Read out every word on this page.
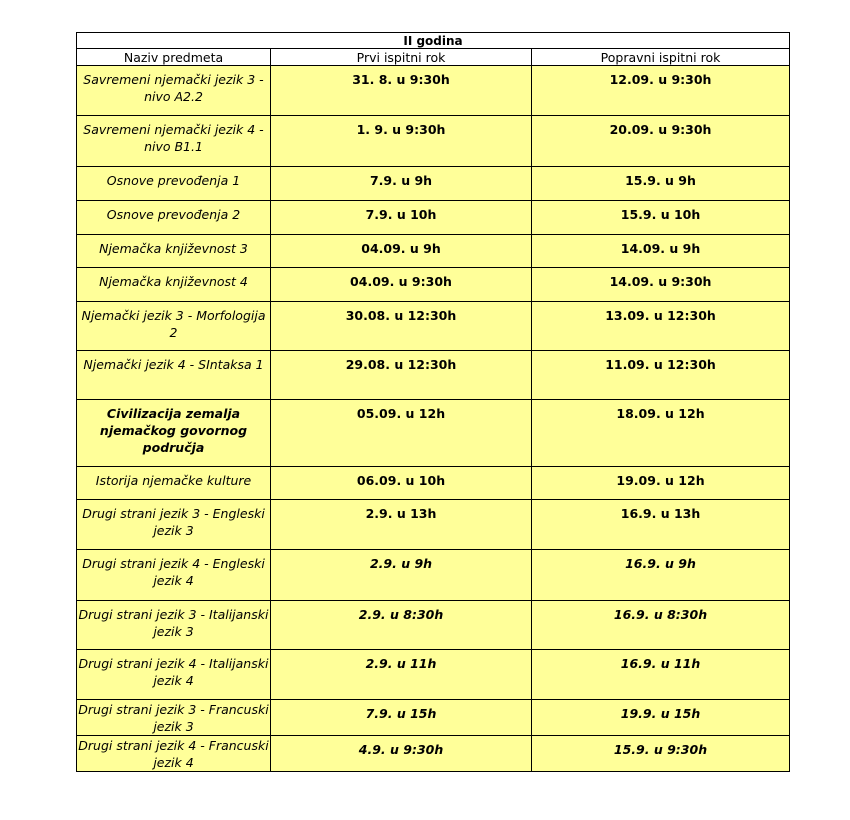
II godina		
Naziv predmeta	Prvi ispitni rok	Popravni ispitni rok
Savremeni njemački jezik 3 - nivo A2.2	31. 8. u 9:30h	12.09. u 9:30h
Savremeni njemački jezik 4 - nivo B1.1	1. 9. u 9:30h	20.09. u 9:30h
Osnove prevođenja 1	7.9. u 9h	15.9. u 9h
Osnove prevođenja 2	7.9. u 10h	15.9. u 10h
Njemačka književnost 3	04.09. u 9h	14.09. u 9h
Njemačka književnost 4	04.09. u 9:30h	14.09. u 9:30h
Njemački jezik 3 - Morfologija 2	30.08. u 12:30h	13.09. u 12:30h
Njemački jezik 4 - SIntaksa 1	29.08. u 12:30h	11.09. u 12:30h
Civilizacija zemalja njemačkog govornog područja	05.09. u 12h	18.09. u 12h
Istorija njemačke kulture	06.09. u 10h	19.09. u 12h
Drugi strani jezik 3 - Engleski jezik 3	2.9. u 13h	16.9. u 13h
Drugi strani jezik 4 - Engleski jezik 4	2.9. u 9h	16.9. u 9h
Drugi strani jezik 3 - Italijanski jezik 3	2.9. u 8:30h	16.9. u 8:30h
Drugi strani jezik 4 - Italijanski jezik 4	2.9. u 11h	16.9. u 11h
Drugi strani jezik 3 - Francuski jezik 3	7.9. u 15h	19.9. u 15h
Drugi strani jezik 4 - Francuski jezik 4	4.9. u 9:30h	15.9. u 9:30h
